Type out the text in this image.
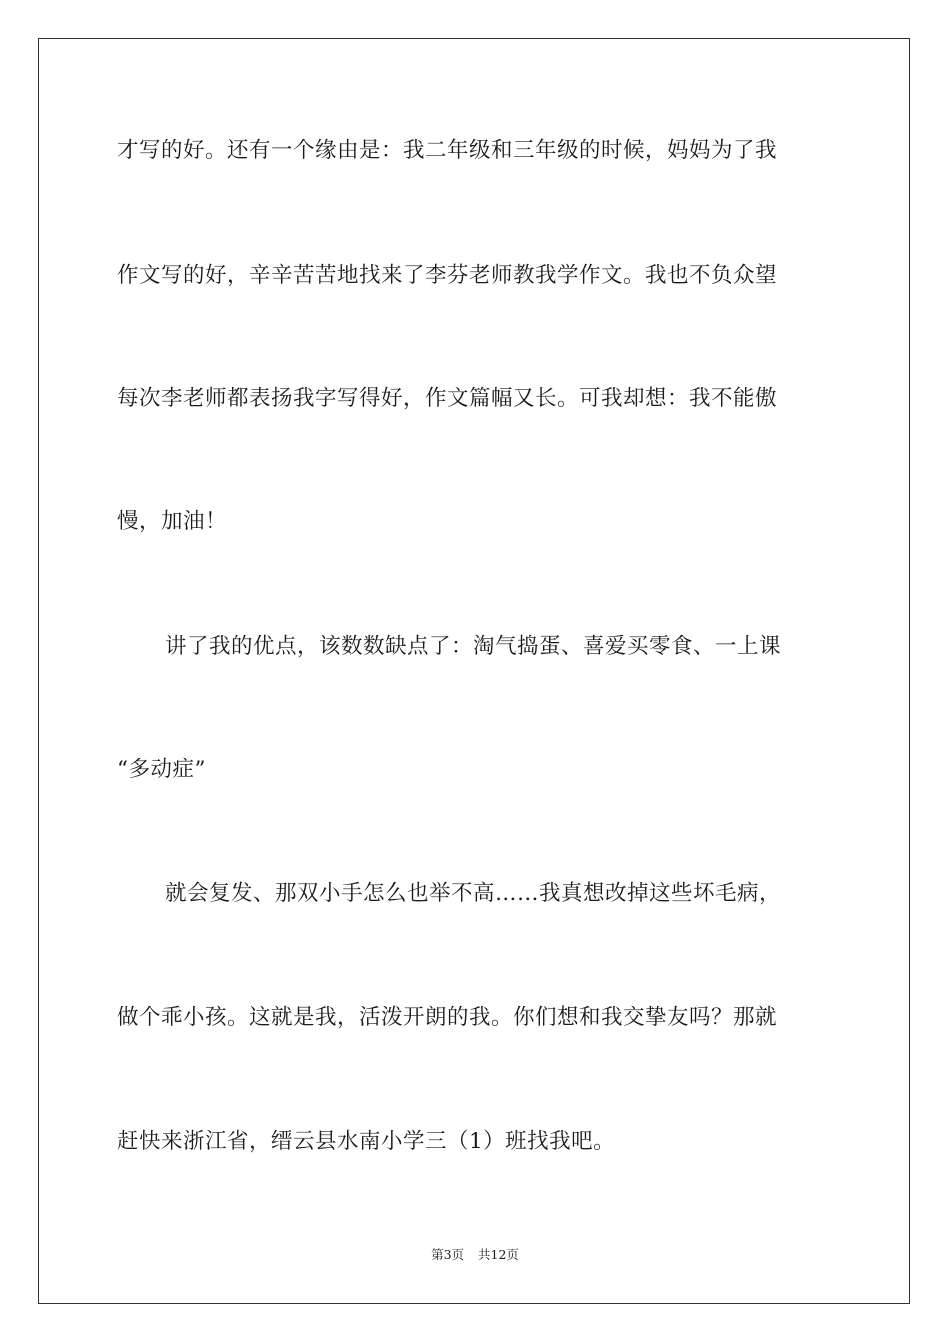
才写的好。还有一个缘由是：我二年级和三年级的时候，妈妈为了我
作文写的好，辛辛苦苦地找来了李芬老师教我学作文。我也不负众望
每次李老师都表扬我字写得好，作文篇幅又长。可我却想：我不能傲
慢，加油！
讲了我的优点，该数数缺点了：淘气捣蛋、喜爱买零食、一上课
“多动症”
就会复发、那双小手怎么也举不高……我真想改掉这些坏毛病，
做个乖小孩。这就是我，活泼开朗的我。你们想和我交挚友吗？那就
赶快来浙江省，缙云县水南小学三（1）班找我吧。
第3页 共12页
